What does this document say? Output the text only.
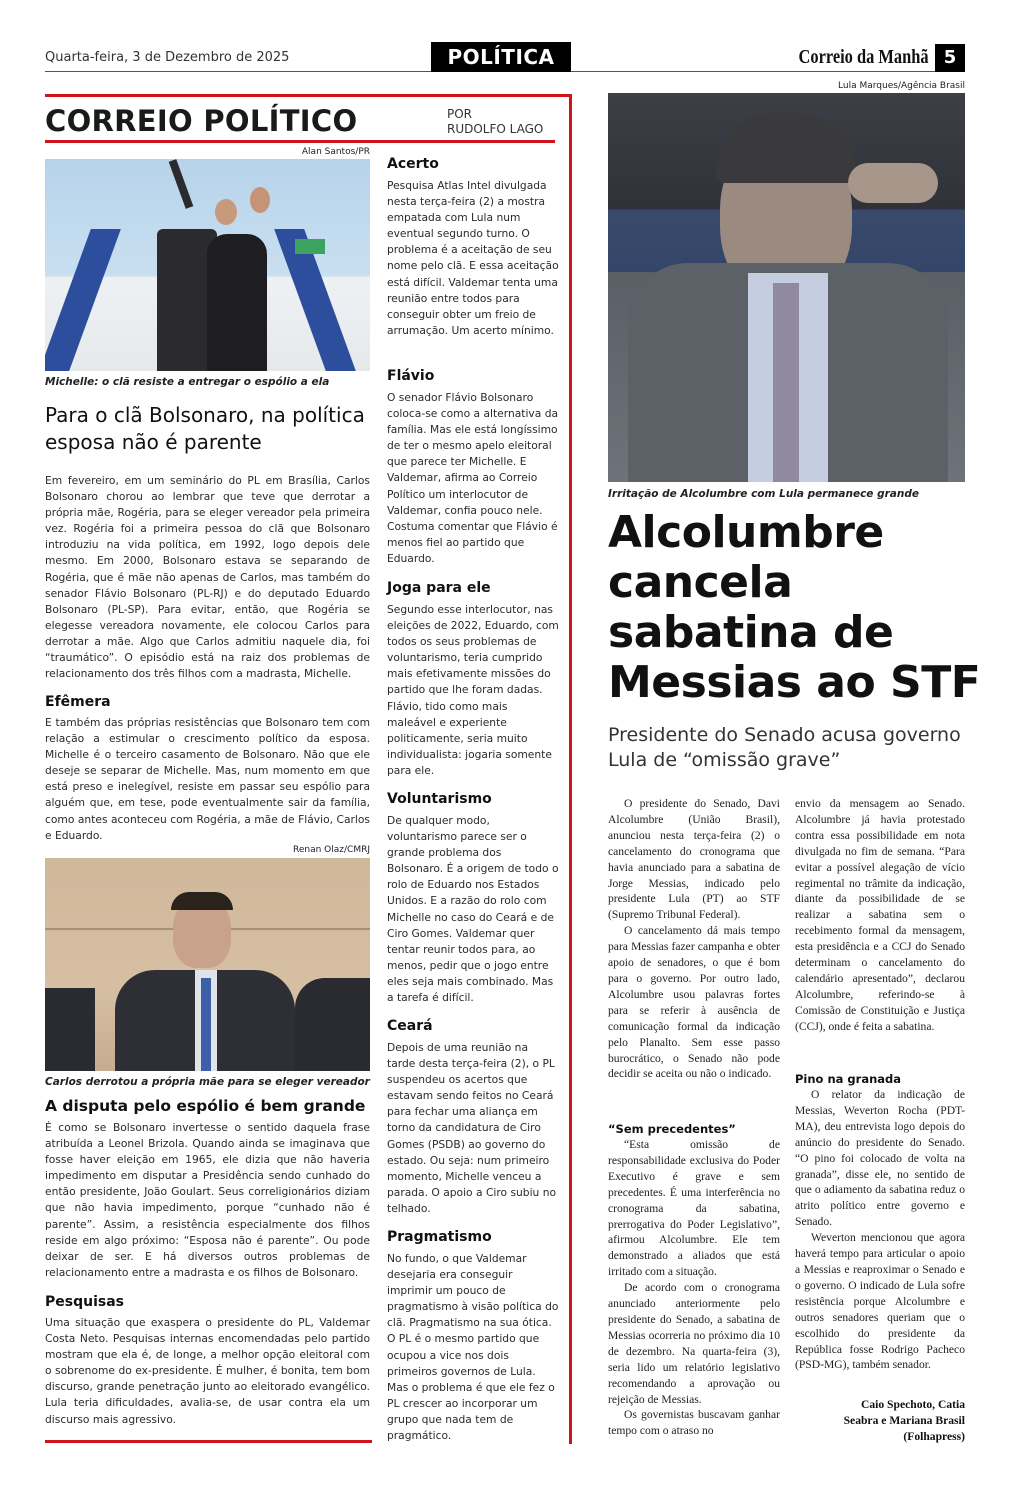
Quarta-feira, 3 de Dezembro de 2025	POLÍTICA	Correio da Manhã 5
CORREIO POLÍTICO	POR
RUDOLFO LAGO
Alan Santos/PR
Michelle: o clã resiste a entregar o espólio a ela
Para o clã Bolsonaro, na política esposa não é parente
Em fevereiro, em um seminário do PL em Brasília, Carlos Bolsonaro chorou ao lembrar que teve que derrotar a própria mãe, Rogéria, para se eleger vereador pela primeira vez. Rogéria foi a primeira pessoa do clã que Bolsonaro introduziu na vida política, em 1992, logo depois dele mesmo. Em 2000, Bolsonaro estava se separando de Rogéria, que é mãe não apenas de Carlos, mas também do senador Flávio Bolsonaro (PL-RJ) e do deputado Eduardo Bolsonaro (PL-SP). Para evitar, então, que Rogéria se elegesse vereadora novamente, ele colocou Carlos para derrotar a mãe. Algo que Carlos admitiu naquele dia, foi “traumático”. O episódio está na raiz dos problemas de relacionamento dos três filhos com a madrasta, Michelle.
Efêmera
E também das próprias resistências que Bolsonaro tem com relação a estimular o crescimento político da esposa. Michelle é o terceiro casamento de Bolsonaro. Não que ele deseje se separar de Michelle. Mas, num momento em que está preso e inelegível, resiste em passar seu espólio para alguém que, em tese, pode eventualmente sair da família, como antes aconteceu com Rogéria, a mãe de Flávio, Carlos e Eduardo.
Renan Olaz/CMRJ
Carlos derrotou a própria mãe para se eleger vereador
A disputa pelo espólio é bem grande
É como se Bolsonaro invertesse o sentido daquela frase atribuída a Leonel Brizola. Quando ainda se imaginava que fosse haver eleição em 1965, ele dizia que não haveria impedimento em disputar a Presidência sendo cunhado do então presidente, João Goulart. Seus correligionários diziam que não havia impedimento, porque “cunhado não é parente”. Assim, a resistência especialmente dos filhos reside em algo próximo: “Esposa não é parente”. Ou pode deixar de ser. E há diversos outros problemas de relacionamento entre a madrasta e os filhos de Bolsonaro.
Pesquisas
Uma situação que exaspera o presidente do PL, Valdemar Costa Neto. Pesquisas internas encomendadas pelo partido mostram que ela é, de longe, a melhor opção eleitoral com o sobrenome do ex-presidente. É mulher, é bonita, tem bom discurso, grande penetração junto ao eleitorado evangélico. Lula teria dificuldades, avalia-se, de usar contra ela um discurso mais agressivo.
Acerto
Pesquisa Atlas Intel divulgada nesta terça-feira (2) a mostra empatada com Lula num eventual segundo turno. O problema é a aceitação de seu nome pelo clã. E essa aceitação está difícil. Valdemar tenta uma reunião entre todos para conseguir obter um freio de arrumação. Um acerto mínimo.
Flávio
O senador Flávio Bolsonaro coloca-se como a alternativa da família. Mas ele está longíssimo de ter o mesmo apelo eleitoral que parece ter Michelle. E Valdemar, afirma ao Correio Político um interlocutor de Valdemar, confia pouco nele. Costuma comentar que Flávio é menos fiel ao partido que Eduardo.
Joga para ele
Segundo esse interlocutor, nas eleições de 2022, Eduardo, com todos os seus problemas de voluntarismo, teria cumprido mais efetivamente missões do partido que lhe foram dadas. Flávio, tido como mais maleável e experiente politicamente, seria muito individualista: jogaria somente para ele.
Voluntarismo
De qualquer modo, voluntarismo parece ser o grande problema dos Bolsonaro. É a origem de todo o rolo de Eduardo nos Estados Unidos. E a razão do rolo com Michelle no caso do Ceará e de Ciro Gomes. Valdemar quer tentar reunir todos para, ao menos, pedir que o jogo entre eles seja mais combinado. Mas a tarefa é difícil.
Ceará
Depois de uma reunião na tarde desta terça-feira (2), o PL suspendeu os acertos que estavam sendo feitos no Ceará para fechar uma aliança em torno da candidatura de Ciro Gomes (PSDB) ao governo do estado. Ou seja: num primeiro momento, Michelle venceu a parada. O apoio a Ciro subiu no telhado.
Pragmatismo
No fundo, o que Valdemar desejaria era conseguir imprimir um pouco de pragmatismo à visão política do clã. Pragmatismo na sua ótica. O PL é o mesmo partido que ocupou a vice nos dois primeiros governos de Lula. Mas o problema é que ele fez o PL crescer ao incorporar um grupo que nada tem de pragmático.
Lula Marques/Agência Brasil
Irritação de Alcolumbre com Lula permanece grande
Alcolumbre cancela sabatina de Messias ao STF
Presidente do Senado acusa governo Lula de “omissão grave”

O presidente do Senado, Davi Alcolumbre (União Brasil), anunciou nesta terça-feira (2) o cancelamento do cronograma que havia anunciado para a sabatina de Jorge Messias, indicado pelo presidente Lula (PT) ao STF (Supremo Tribunal Federal).

O cancelamento dá mais tempo para Messias fazer campanha e obter apoio de senadores, o que é bom para o governo. Por outro lado, Alcolumbre usou palavras fortes para se referir à ausência de comunicação formal da indicação pelo Planalto. Sem esse passo burocrático, o Senado não pode decidir se aceita ou não o indicado.

“Sem precedentes”

“Esta omissão de responsabilidade exclusiva do Poder Executivo é grave e sem precedentes. É uma interferência no cronograma da sabatina, prerrogativa do Poder Legislativo”, afirmou Alcolumbre. Ele tem demonstrado a aliados que está irritado com a situação.

De acordo com o cronograma anunciado anteriormente pelo presidente do Senado, a sabatina de Messias ocorreria no próximo dia 10 de dezembro. Na quarta-feira (3), seria lido um relatório legislativo recomendando a aprovação ou rejeição de Messias.

Os governistas buscavam ganhar tempo com o atraso no

envio da mensagem ao Senado. Alcolumbre já havia protestado contra essa possibilidade em nota divulgada no fim de semana. “Para evitar a possível alegação de vício regimental no trâmite da indicação, diante da possibilidade de se realizar a sabatina sem o recebimento formal da mensagem, esta presidência e a CCJ do Senado determinam o cancelamento do calendário apresentado”, declarou Alcolumbre, referindo-se à Comissão de Constituição e Justiça (CCJ), onde é feita a sabatina.

Pino na granada

O relator da indicação de Messias, Weverton Rocha (PDT-MA), deu entrevista logo depois do anúncio do presidente do Senado. “O pino foi colocado de volta na granada”, disse ele, no sentido de que o adiamento da sabatina reduz o atrito político entre governo e Senado.

Weverton mencionou que agora haverá tempo para articular o apoio a Messias e reaproximar o Senado e o governo. O indicado de Lula sofre resistência porque Alcolumbre e outros senadores queriam que o escolhido do presidente da República fosse Rodrigo Pacheco (PSD-MG), também senador.

Caio Spechoto, Catia
Seabra e Mariana Brasil
(Folhapress)
